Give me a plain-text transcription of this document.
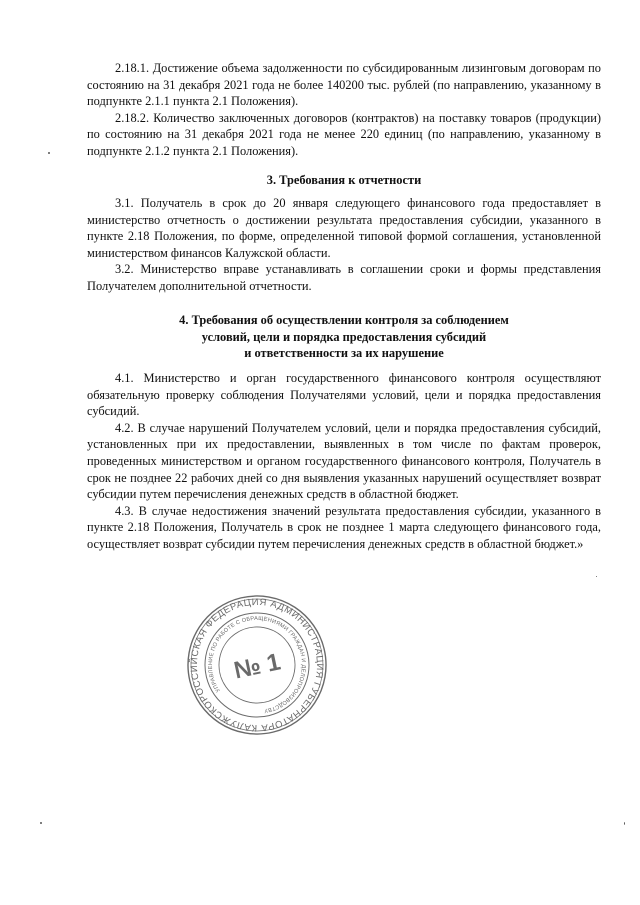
2.18.1. Достижение объема задолженности по субсидированным лизинговым договорам по состоянию на 31 декабря 2021 года не более 140200 тыс. рублей (по направлению, указанному в подпункте 2.1.1 пункта 2.1 Положения).

2.18.2. Количество заключенных договоров (контрактов) на поставку товаров (продукции) по состоянию на 31 декабря 2021 года не менее 220 единиц (по направлению, указанному в подпункте 2.1.2 пункта 2.1 Положения).

3. Требования к отчетности

3.1. Получатель в срок до 20 января следующего финансового года предоставляет в министерство отчетность о достижении результата предоставления субсидии, указанного в пункте 2.18 Положения, по форме, определенной типовой формой соглашения, установленной министерством финансов Калужской области.

3.2. Министерство вправе устанавливать в соглашении сроки и формы представления Получателем дополнительной отчетности.

4. Требования об осуществлении контроля за соблюдением

условий, цели и порядка предоставления субсидий

и ответственности за их нарушение

4.1. Министерство и орган государственного финансового контроля осуществляют обязательную проверку соблюдения Получателями условий, цели и порядка предоставления субсидий.

4.2. В случае нарушений Получателем условий, цели и порядка предоставления субсидий, установленных при их предоставлении, выявленных в том числе по фактам проверок, проведенных министерством и органом государственного финансового контроля, Получатель в срок не позднее 22 рабочих дней со дня выявления указанных нарушений осуществляет возврат субсидии путем перечисления денежных средств в областной бюджет.

4.3. В случае недостижения значений результата предоставления субсидии, указанного в пункте 2.18 Положения, Получатель в срок не позднее 1 марта следующего финансового года, осуществляет возврат субсидии путем перечисления денежных средств в областной бюджет.»

РОССИЙСКАЯ ФЕДЕРАЦИЯ АДМИНИСТРАЦИЯ ГУБЕРНАТОРА КАЛУЖСКОЙ
УПРАВЛЕНИЕ ПО РАБОТЕ С ОБРАЩЕНИЯМИ ГРАЖДАН И ДЕЛОПРОИЗВОДСТВУ
№ 1
